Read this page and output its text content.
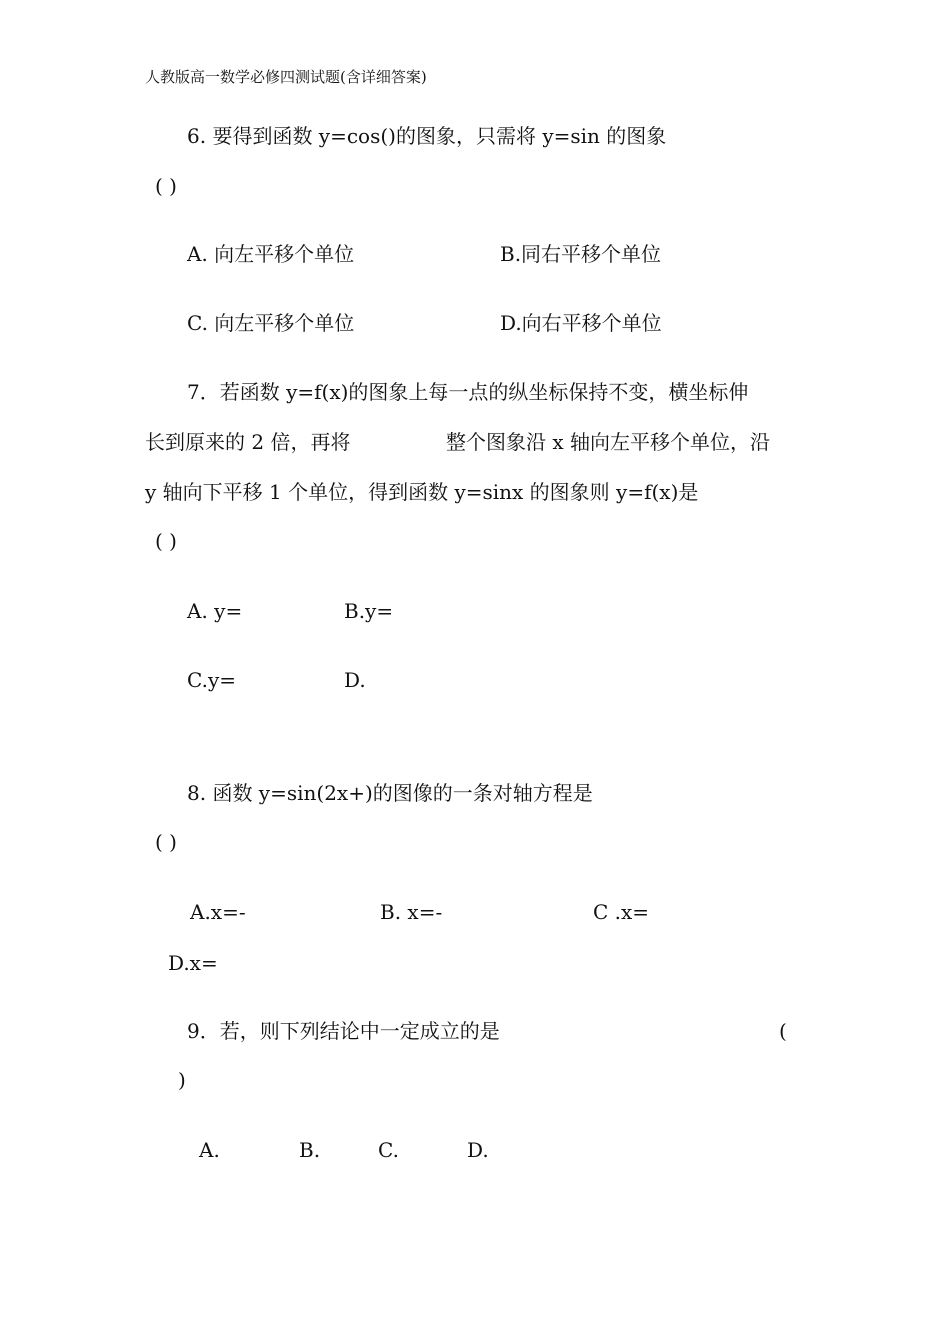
人教版高一数学必修四测试题(含详细答案)
6. 要得到函数 y=cos()的图象，只需将 y=sin 的图象
( )
A. 向左平移个单位	B.同右平移个单位
C. 向左平移个单位	D.向右平移个单位
7．若函数 y=f(x)的图象上每一点的纵坐标保持不变，横坐标伸
长到原来的 2 倍，再将	整个图象沿 x 轴向左平移个单位，沿
y 轴向下平移 1 个单位，得到函数 y=sinx 的图象则 y=f(x)是
( )
A. y=	B.y=
C.y=	D.
8. 函数 y=sin(2x+)的图像的一条对轴方程是
( )
A.x=-	B. x=-	C .x=
D.x=
9．若，则下列结论中一定成立的是	(
)
A.	B.	C.	D.
